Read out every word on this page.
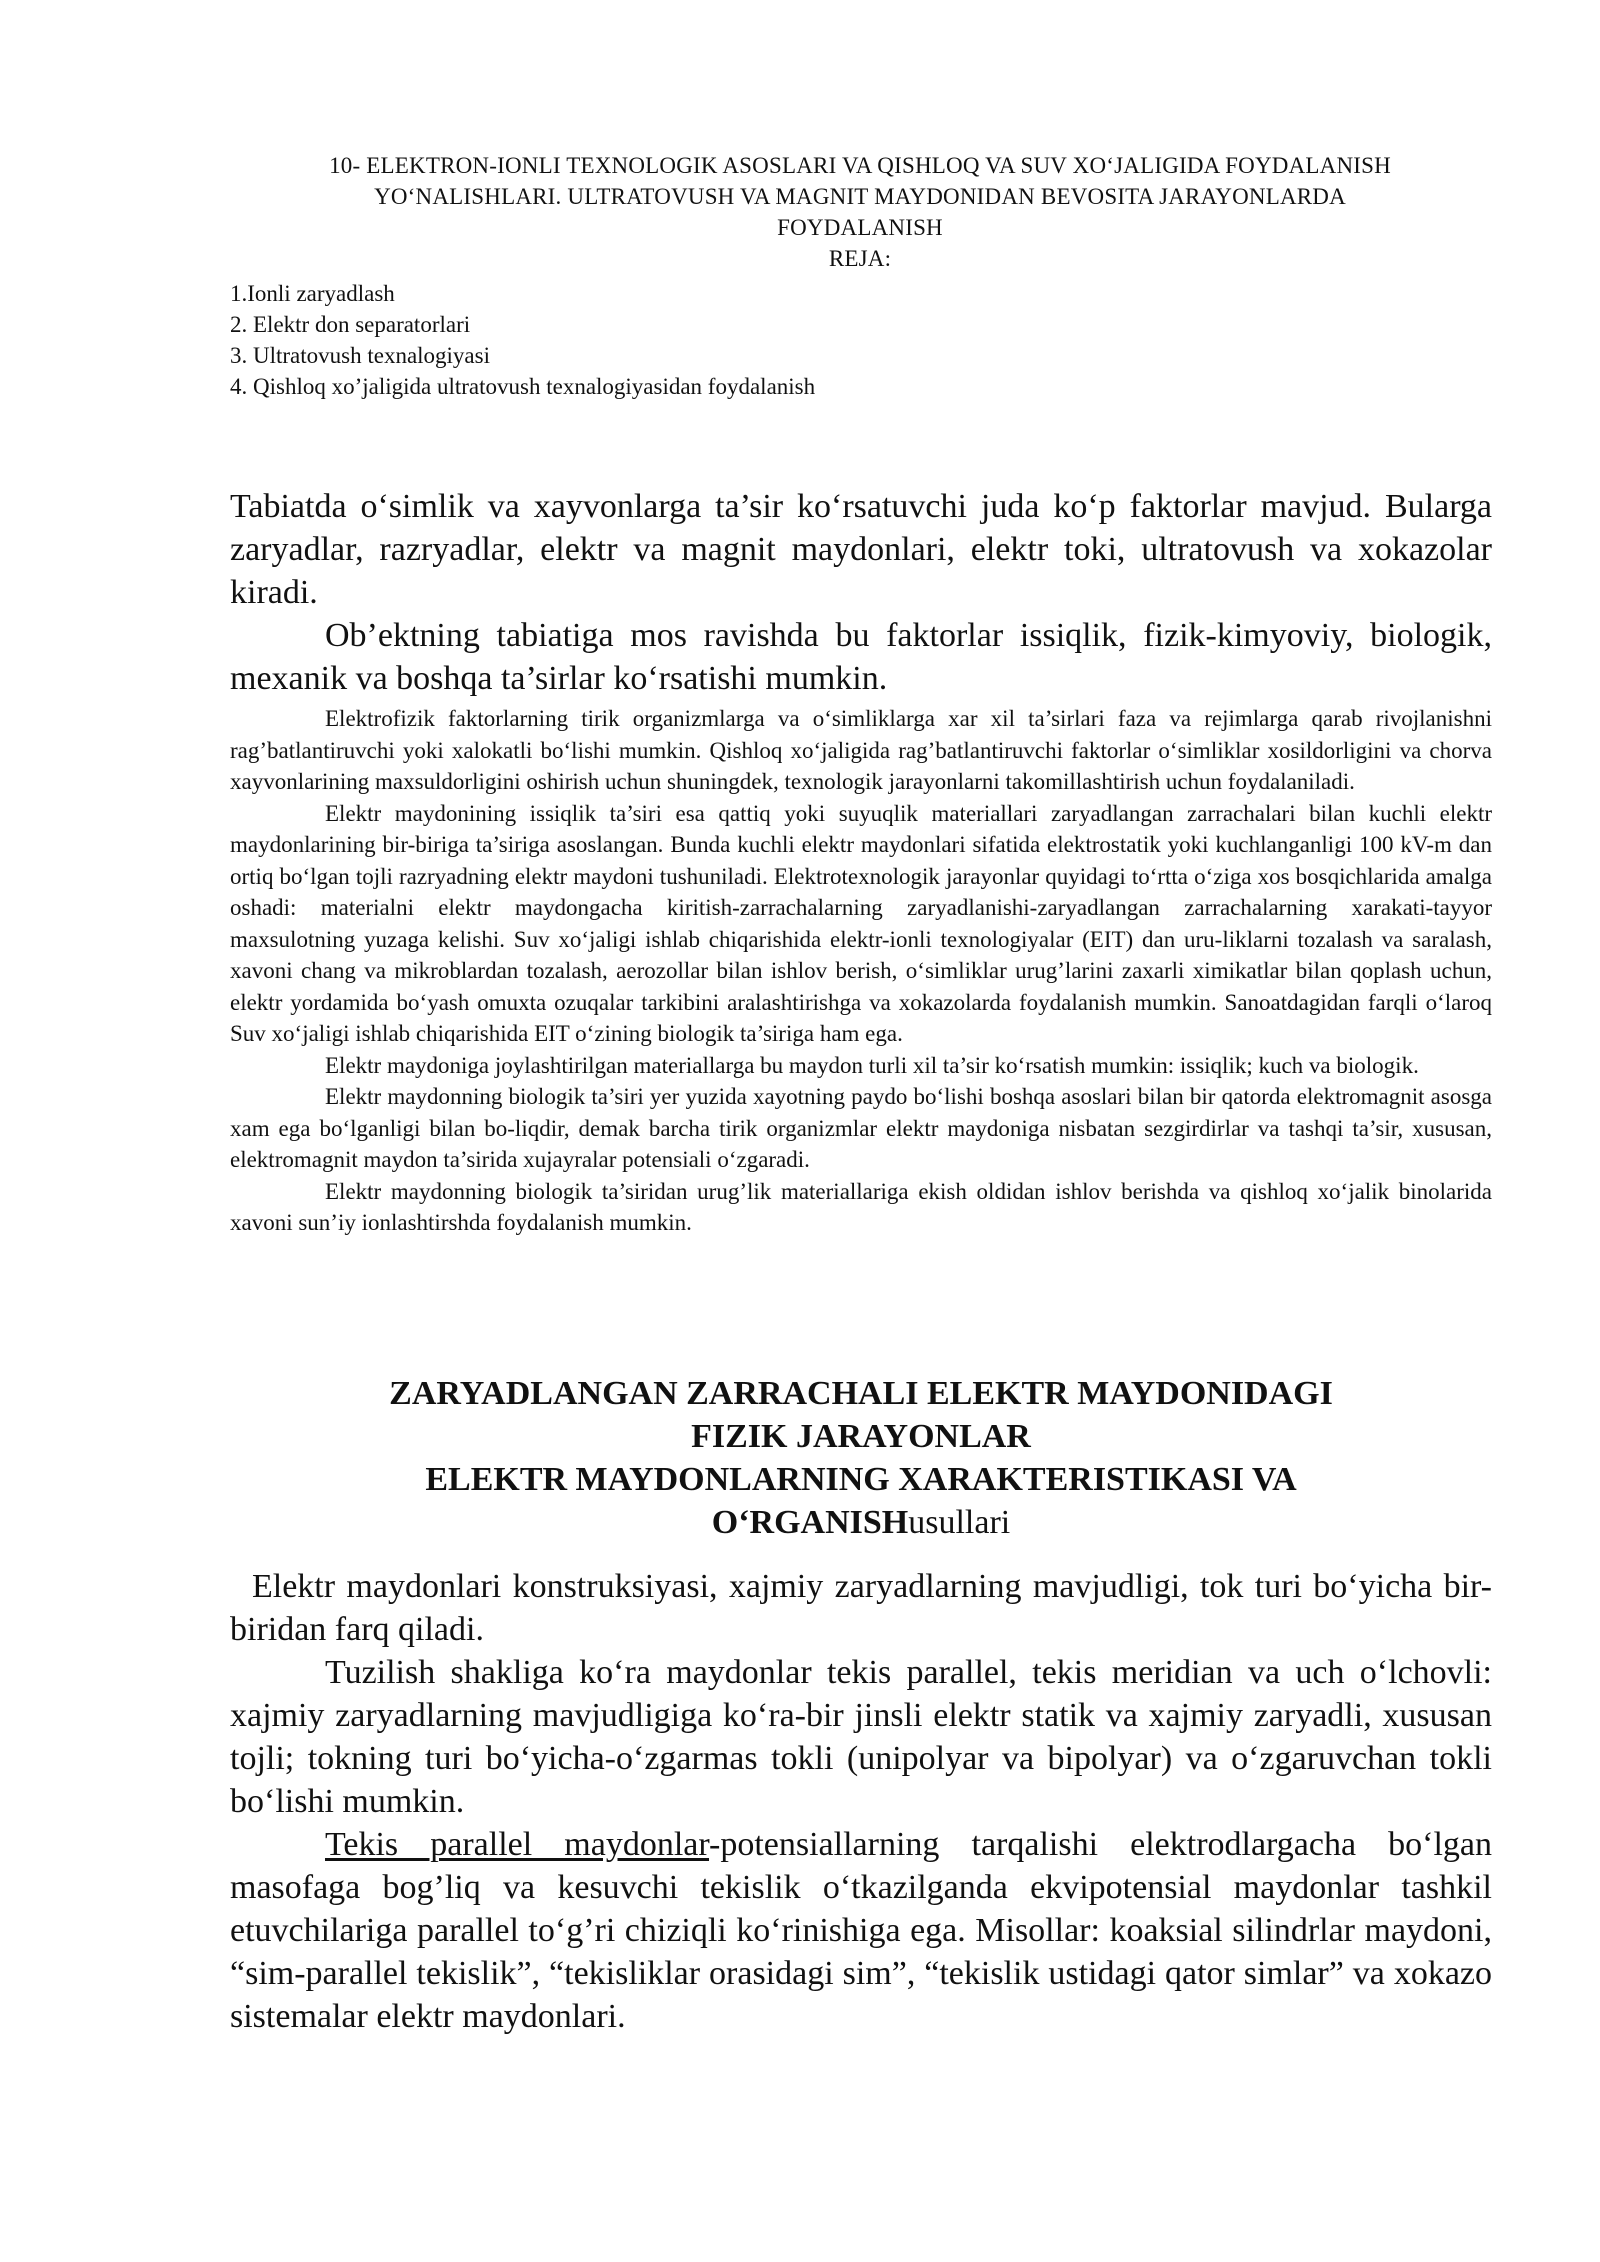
10- ELEKTRON-IONLI TEXNOLOGIK ASOSLARI VA QISHLOQ VA SUV XO‘JALIGIDA FOYDALANISH
YO‘NALISHLARI. ULTRATOVUSH VA MAGNIT MAYDONIDAN BEVOSITA JARAYONLARDA
FOYDALANISH
REJA:
1.Ionli zaryadlash
2. Elektr don separatorlari
3. Ultratovush texnalogiyasi
4. Qishloq xo’jaligida ultratovush texnalogiyasidan foydalanish

Tabiatda o‘simlik va xayvonlarga ta’sir ko‘rsatuvchi juda ko‘p faktorlar mavjud. Bularga zaryadlar, razryadlar, elektr va magnit maydonlari, elektr toki, ultratovush va xokazolar kiradi.

Ob’ektning tabiatiga mos ravishda bu faktorlar issiqlik, fizik-kimyoviy, biologik, mexanik va boshqa ta’sirlar ko‘rsatishi mumkin.

Elektrofizik faktorlarning tirik organizmlarga va o‘simliklarga xar xil ta’sirlari faza va rejimlarga qarab rivojlanishni rag’batlantiruvchi yoki xalokatli bo‘lishi mumkin. Qishloq xo‘jaligida rag’batlantiruvchi faktorlar o‘simliklar xosildorligini va chorva xayvonlarining maxsuldorligini oshirish uchun shuningdek, texnologik jarayonlarni takomillashtirish uchun foydalaniladi.

Elektr maydonining issiqlik ta’siri esa qattiq yoki suyuqlik materiallari zaryadlangan zarrachalari bilan kuchli elektr maydonlarining bir-biriga ta’siriga asoslangan. Bunda kuchli elektr maydonlari sifatida elektrostatik yoki kuchlanganligi 100 kV-m dan ortiq bo‘lgan tojli razryadning elektr maydoni tushuniladi. Elektrotexnologik jarayonlar quyidagi to‘rtta o‘ziga xos bosqichlarida amalga oshadi: materialni elektr maydongacha kiritish-zarrachalarning zaryadlanishi-zaryadlangan zarrachalarning xarakati-tayyor maxsulotning yuzaga kelishi. Suv xo‘jaligi ishlab chiqarishida elektr-ionli texnologiyalar (EIT) dan uru-liklarni tozalash va saralash, xavoni chang va mikroblardan tozalash, aerozollar bilan ishlov berish, o‘simliklar urug’larini zaxarli ximikatlar bilan qoplash uchun, elektr yordamida bo‘yash omuxta ozuqalar tarkibini aralashtirishga va xokazolarda foydalanish mumkin. Sanoatdagidan farqli o‘laroq Suv xo‘jaligi ishlab chiqarishida EIT o‘zining biologik ta’siriga ham ega.

Elektr maydoniga joylashtirilgan materiallarga bu maydon turli xil ta’sir ko‘rsatish mumkin: issiqlik; kuch va biologik.

Elektr maydonning biologik ta’siri yer yuzida xayotning paydo bo‘lishi boshqa asoslari bilan bir qatorda elektromagnit asosga xam ega bo‘lganligi bilan bo-liqdir, demak barcha tirik organizmlar elektr maydoniga nisbatan sezgirdirlar va tashqi ta’sir, xususan, elektromagnit maydon ta’sirida xujayralar potensiali o‘zgaradi.

Elektr maydonning biologik ta’siridan urug’lik materiallariga ekish oldidan ishlov berishda va qishloq xo‘jalik binolarida xavoni sun’iy ionlashtirshda foydalanish mumkin.

ZARYADLANGAN ZARRACHALI ELEKTR MAYDONIDAGI
FIZIK JARAYONLAR
ELEKTR MAYDONLARNING XARAKTERISTIKASI VA
O‘RGANISHusullari

Elektr maydonlari konstruksiyasi, xajmiy zaryadlarning mavjudligi, tok turi bo‘yicha bir-biridan farq qiladi.

Tuzilish shakliga ko‘ra maydonlar tekis parallel, tekis meridian va uch o‘lchovli: xajmiy zaryadlarning mavjudligiga ko‘ra-bir jinsli elektr statik va xajmiy zaryadli, xususan tojli; tokning turi bo‘yicha-o‘zgarmas tokli (unipolyar va bipolyar) va o‘zgaruvchan tokli bo‘lishi mumkin.

Tekis parallel maydonlar-potensiallarning tarqalishi elektrodlargacha bo‘lgan masofaga bog’liq va kesuvchi tekislik o‘tkazilganda ekvipotensial maydonlar tashkil etuvchilariga parallel to‘g’ri chiziqli ko‘rinishiga ega. Misollar: koaksial silindrlar maydoni, “sim-parallel tekislik”, “tekisliklar orasidagi sim”, “tekislik ustidagi qator simlar” va xokazo sistemalar elektr maydonlari.
